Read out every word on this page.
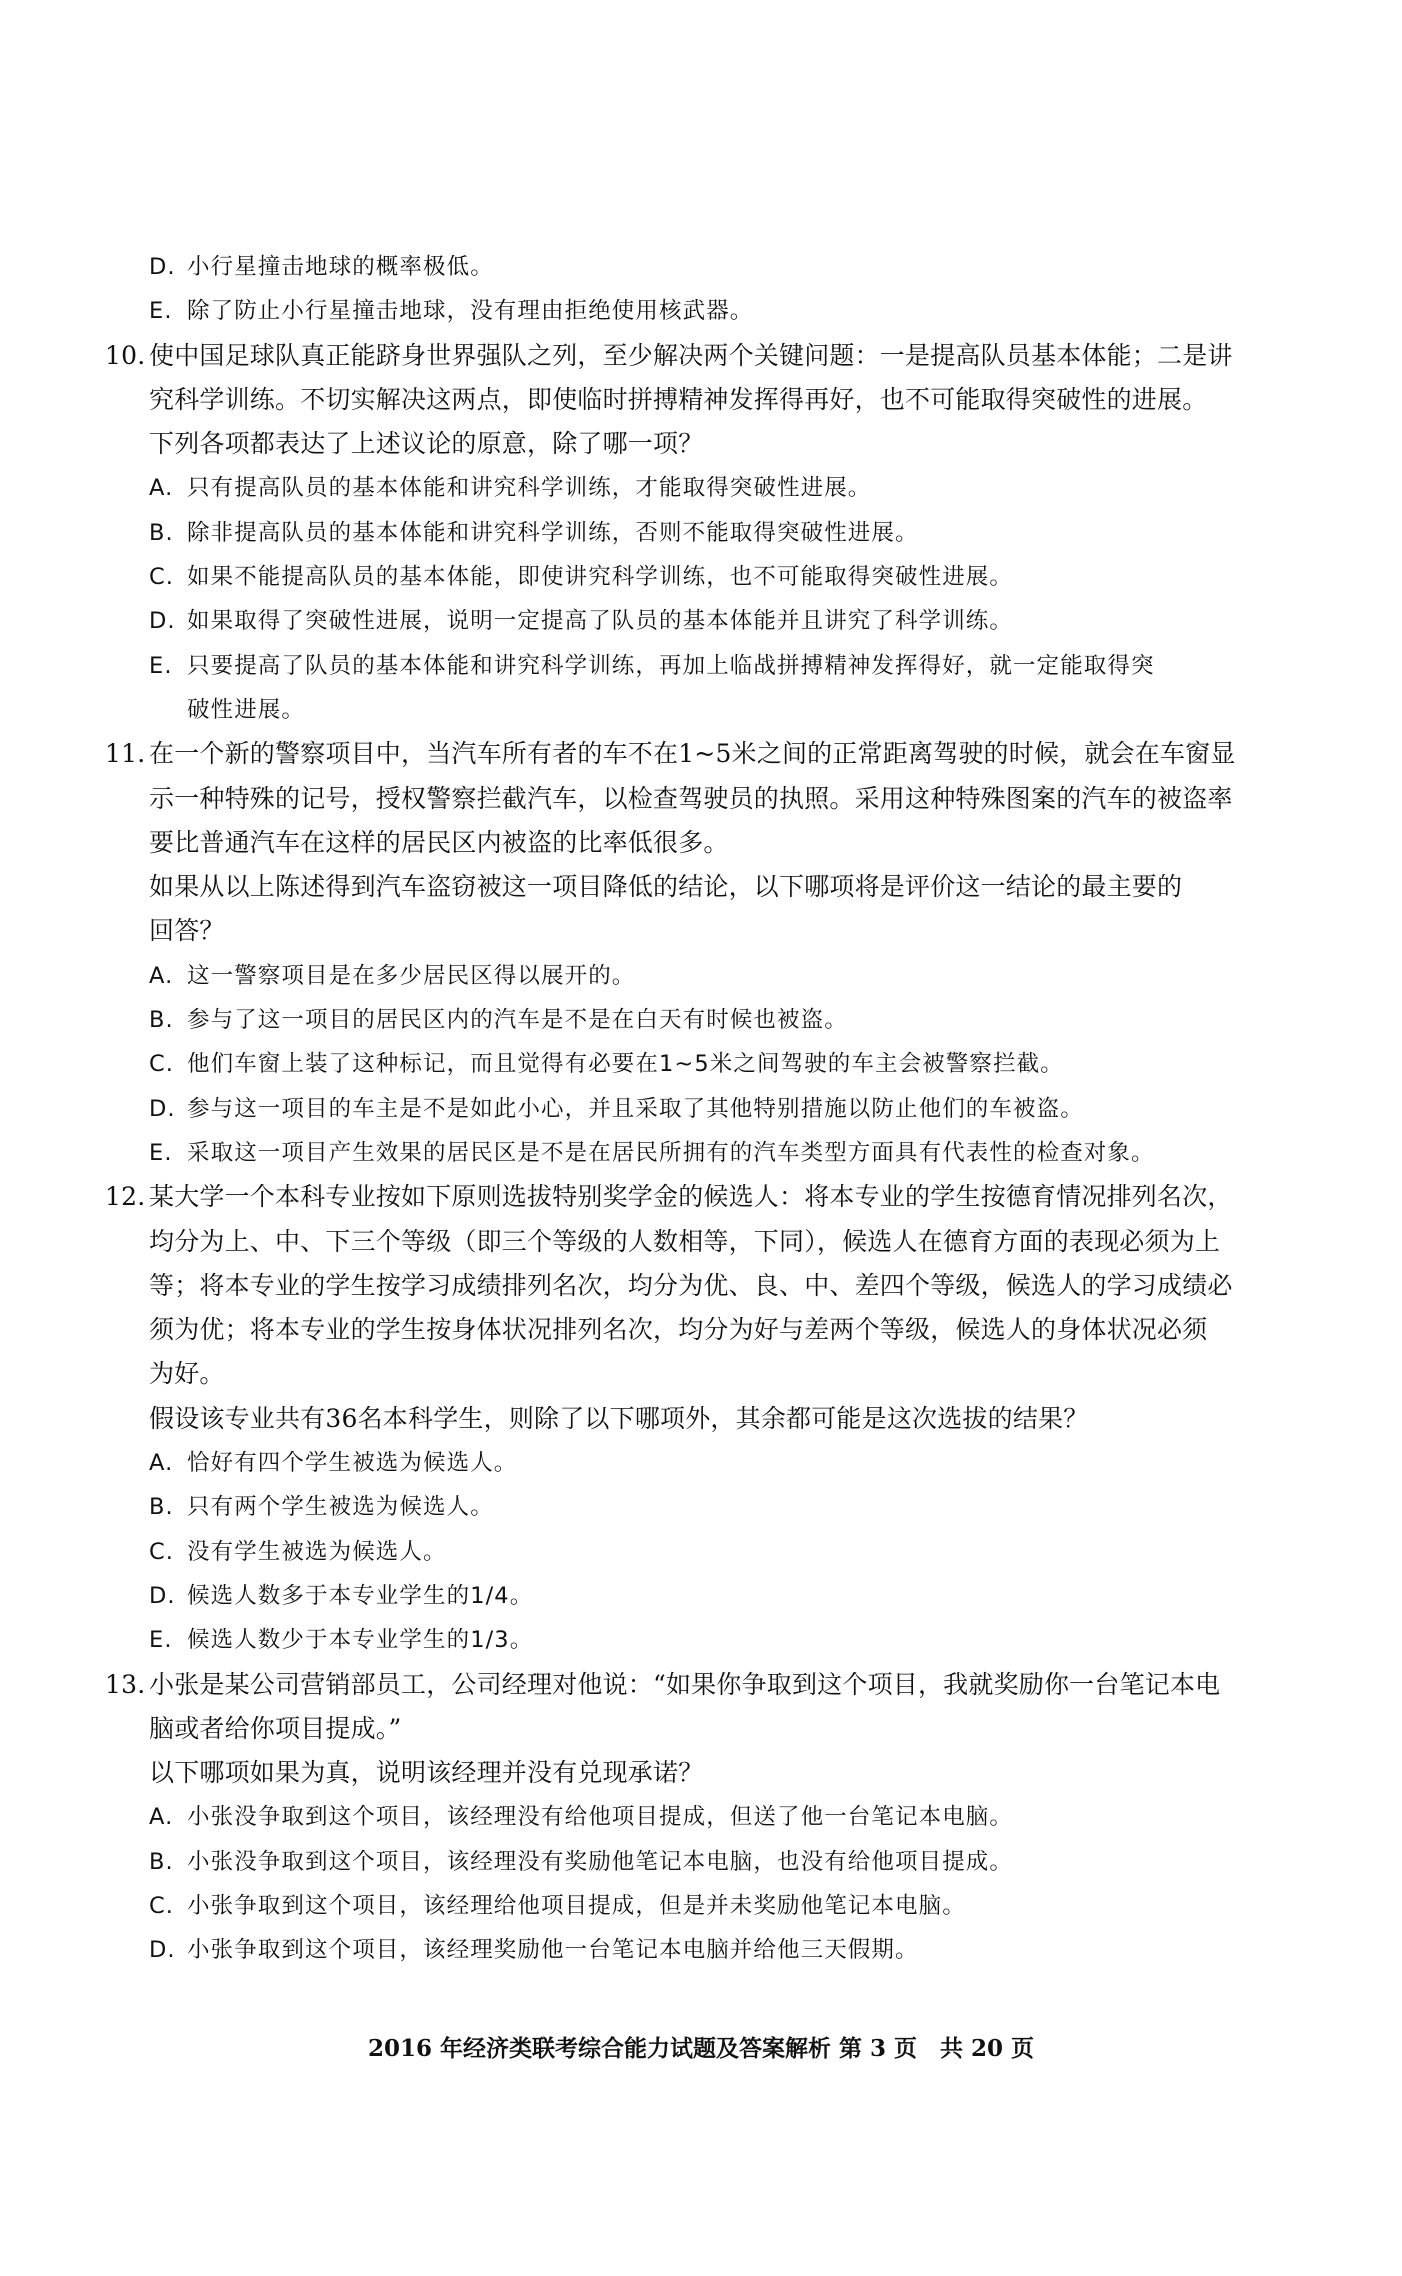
D. 小行星撞击地球的概率极低。
E. 除了防止小行星撞击地球，没有理由拒绝使用核武器。
10. 使中国足球队真正能跻身世界强队之列，至少解决两个关键问题：一是提高队员基本体能；二是讲
究科学训练。不切实解决这两点，即使临时拼搏精神发挥得再好，也不可能取得突破性的进展。
下列各项都表达了上述议论的原意，除了哪一项？
A. 只有提高队员的基本体能和讲究科学训练，才能取得突破性进展。
B. 除非提高队员的基本体能和讲究科学训练，否则不能取得突破性进展。
C. 如果不能提高队员的基本体能，即使讲究科学训练，也不可能取得突破性进展。
D. 如果取得了突破性进展，说明一定提高了队员的基本体能并且讲究了科学训练。
E. 只要提高了队员的基本体能和讲究科学训练，再加上临战拼搏精神发挥得好，就一定能取得突
破性进展。
11. 在一个新的警察项目中，当汽车所有者的车不在1~5米之间的正常距离驾驶的时候，就会在车窗显
示一种特殊的记号，授权警察拦截汽车，以检查驾驶员的执照。采用这种特殊图案的汽车的被盗率
要比普通汽车在这样的居民区内被盗的比率低很多。
如果从以上陈述得到汽车盗窃被这一项目降低的结论，以下哪项将是评价这一结论的最主要的
回答？
A. 这一警察项目是在多少居民区得以展开的。
B. 参与了这一项目的居民区内的汽车是不是在白天有时候也被盗。
C. 他们车窗上装了这种标记，而且觉得有必要在1~5米之间驾驶的车主会被警察拦截。
D. 参与这一项目的车主是不是如此小心，并且采取了其他特别措施以防止他们的车被盗。
E. 采取这一项目产生效果的居民区是不是在居民所拥有的汽车类型方面具有代表性的检查对象。
12. 某大学一个本科专业按如下原则选拔特别奖学金的候选人：将本专业的学生按德育情况排列名次，
均分为上、中、下三个等级（即三个等级的人数相等，下同），候选人在德育方面的表现必须为上
等；将本专业的学生按学习成绩排列名次，均分为优、良、中、差四个等级，候选人的学习成绩必
须为优；将本专业的学生按身体状况排列名次，均分为好与差两个等级，候选人的身体状况必须
为好。
假设该专业共有36名本科学生，则除了以下哪项外，其余都可能是这次选拔的结果？
A. 恰好有四个学生被选为候选人。
B. 只有两个学生被选为候选人。
C. 没有学生被选为候选人。
D. 候选人数多于本专业学生的1/4。
E. 候选人数少于本专业学生的1/3。
13. 小张是某公司营销部员工，公司经理对他说：“如果你争取到这个项目，我就奖励你一台笔记本电
脑或者给你项目提成。”
以下哪项如果为真，说明该经理并没有兑现承诺？
A. 小张没争取到这个项目，该经理没有给他项目提成，但送了他一台笔记本电脑。
B. 小张没争取到这个项目，该经理没有奖励他笔记本电脑，也没有给他项目提成。
C. 小张争取到这个项目，该经理给他项目提成，但是并未奖励他笔记本电脑。
D. 小张争取到这个项目，该经理奖励他一台笔记本电脑并给他三天假期。
2016 年经济类联考综合能力试题及答案解析 第 3 页　共 20 页
